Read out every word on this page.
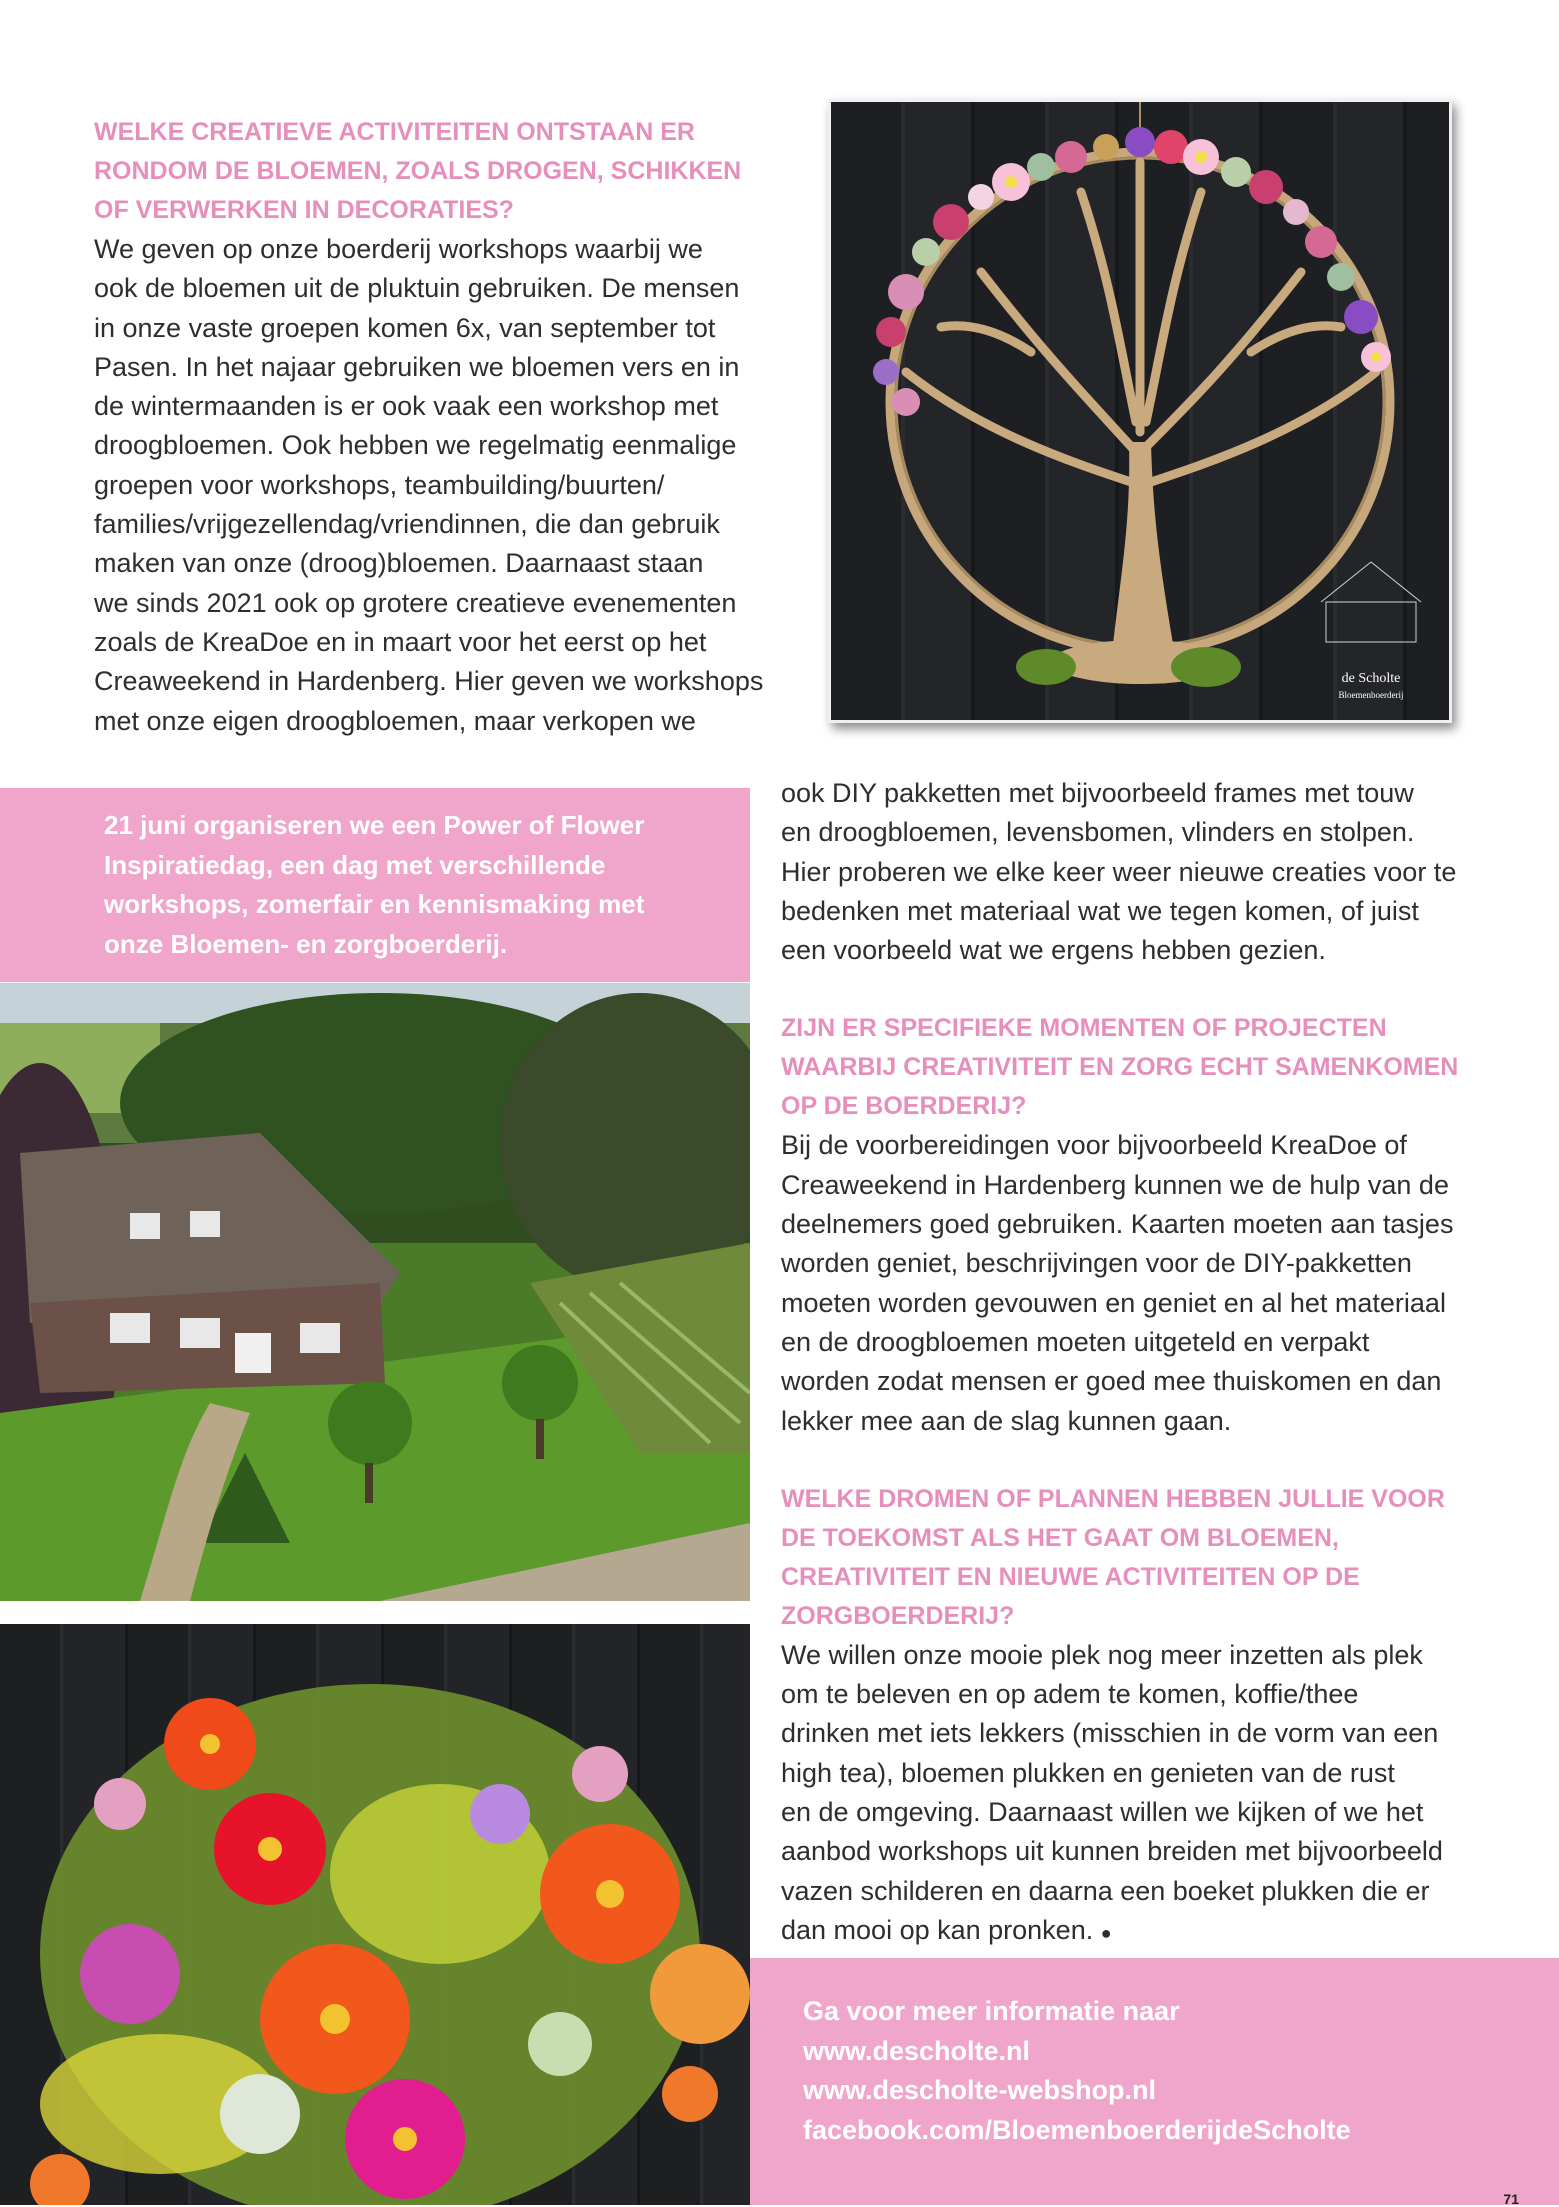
WELKE CREATIEVE ACTIVITEITEN ONTSTAAN ER RONDOM DE BLOEMEN, ZOALS DROGEN, SCHIKKEN OF VERWERKEN IN DECORATIES?

We geven op onze boerderij workshops waarbij we

ook de bloemen uit de pluktuin gebruiken. De mensen

in onze vaste groepen komen 6x, van september tot

Pasen. In het najaar gebruiken we bloemen vers en in

de wintermaanden is er ook vaak een workshop met

droogbloemen. Ook hebben we regelmatig eenmalige

groepen voor workshops, teambuilding/buurten/

families/vrijgezellendag/vriendinnen, die dan gebruik

maken van onze (droog)bloemen. Daarnaast staan

we sinds 2021 ook op grotere creatieve evenementen

zoals de KreaDoe en in maart voor het eerst op het

Creaweekend in Hardenberg. Hier geven we workshops

met onze eigen droogbloemen, maar verkopen we

de Scholte
Bloemenboerderij

21 juni organiseren we een Power of Flower Inspiratiedag, een dag met verschillende workshops, zomerfair en kennismaking met onze Bloemen- en zorgboerderij.

ook DIY pakketten met bijvoorbeeld frames met touw

en droogbloemen, levensbomen, vlinders en stolpen.

Hier proberen we elke keer weer nieuwe creaties voor te

bedenken met materiaal wat we tegen komen, of juist

een voorbeeld wat we ergens hebben gezien.

ZIJN ER SPECIFIEKE MOMENTEN OF PROJECTEN WAARBIJ CREATIVITEIT EN ZORG ECHT SAMENKOMEN OP DE BOERDERIJ?

Bij de voorbereidingen voor bijvoorbeeld KreaDoe of

Creaweekend in Hardenberg kunnen we de hulp van de

deelnemers goed gebruiken. Kaarten moeten aan tasjes

worden geniet, beschrijvingen voor de DIY-pakketten

moeten worden gevouwen en geniet en al het materiaal

en de droogbloemen moeten uitgeteld en verpakt

worden zodat mensen er goed mee thuiskomen en dan

lekker mee aan de slag kunnen gaan.

WELKE DROMEN OF PLANNEN HEBBEN JULLIE VOOR DE TOEKOMST ALS HET GAAT OM BLOEMEN, CREATIVITEIT EN NIEUWE ACTIVITEITEN OP DE ZORGBOERDERIJ?

We willen onze mooie plek nog meer inzetten als plek

om te beleven en op adem te komen, koffie/thee

drinken met iets lekkers (misschien in de vorm van een

high tea), bloemen plukken en genieten van de rust

en de omgeving. Daarnaast willen we kijken of we het

aanbod workshops uit kunnen breiden met bijvoorbeeld

vazen schilderen en daarna een boeket plukken die er

dan mooi op kan pronken. ●

Ga voor meer informatie naar
www.descholte.nl
www.descholte-webshop.nl
facebook.com/BloemenboerderijdeScholte
71
